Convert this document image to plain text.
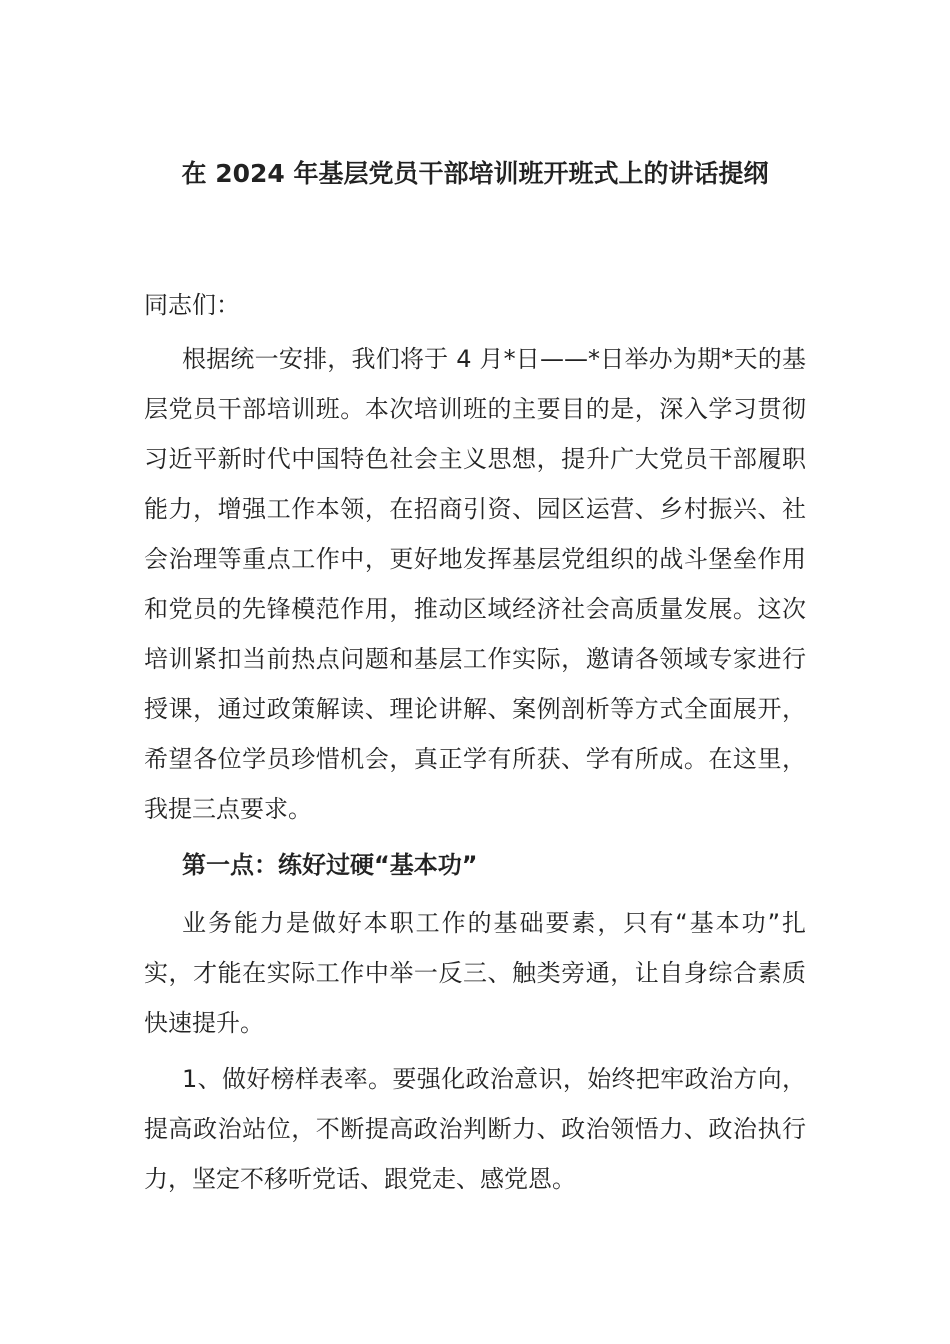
在 2024 年基层党员干部培训班开班式上的讲话提纲

同志们：

根据统一安排，我们将于 4 月*日——*日举办为期*天的基层党员干部培训班。本次培训班的主要目的是，深入学习贯彻习近平新时代中国特色社会主义思想，提升广大党员干部履职能力，增强工作本领，在招商引资、园区运营、乡村振兴、社会治理等重点工作中，更好地发挥基层党组织的战斗堡垒作用和党员的先锋模范作用，推动区域经济社会高质量发展。这次培训紧扣当前热点问题和基层工作实际，邀请各领域专家进行授课，通过政策解读、理论讲解、案例剖析等方式全面展开，希望各位学员珍惜机会，真正学有所获、学有所成。在这里，我提三点要求。

第一点：练好过硬“基本功”

业务能力是做好本职工作的基础要素，只有“基本功”扎实，才能在实际工作中举一反三、触类旁通，让自身综合素质快速提升。

1、做好榜样表率。要强化政治意识，始终把牢政治方向，提高政治站位，不断提高政治判断力、政治领悟力、政治执行力，坚定不移听党话、跟党走、感党恩。
